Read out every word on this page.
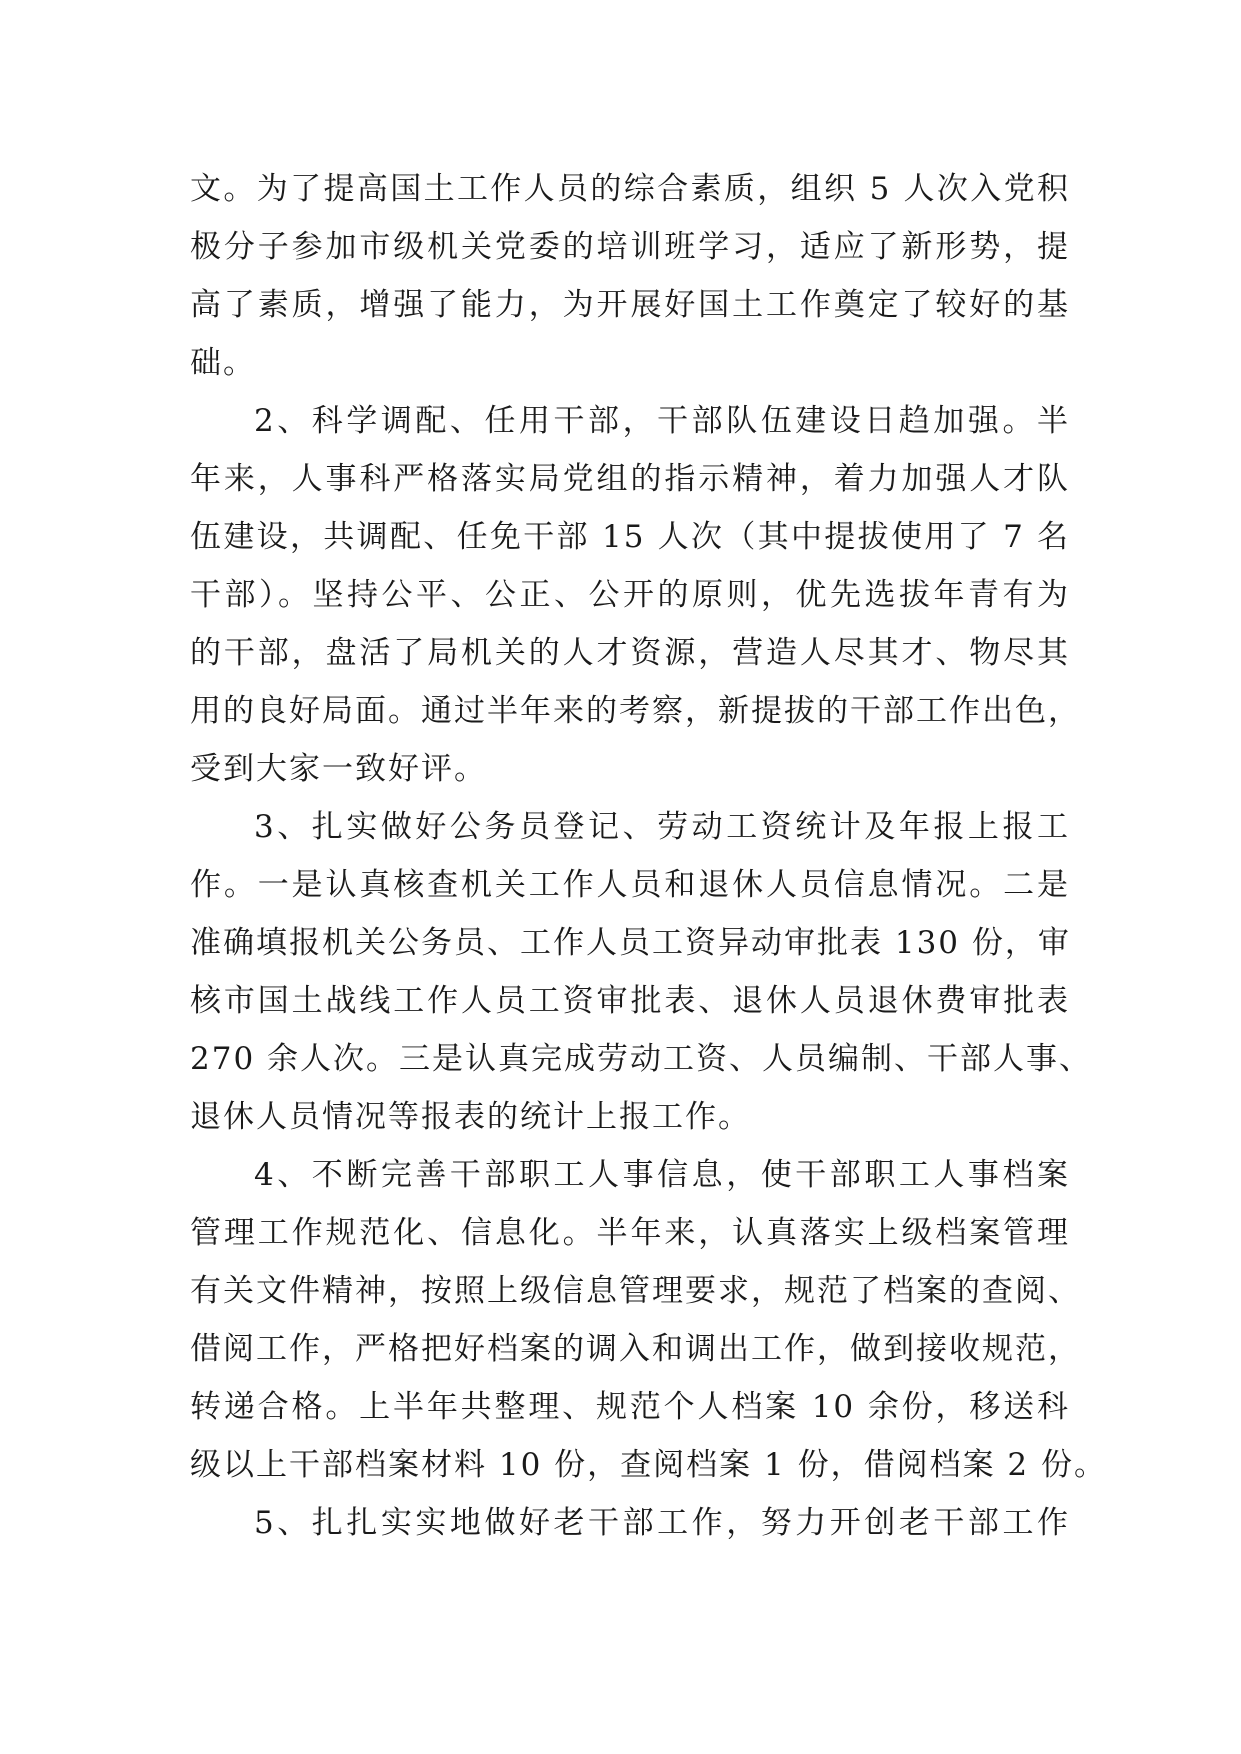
文。为了提高国土工作人员的综合素质，组织 5 人次入党积
极分子参加市级机关党委的培训班学习，适应了新形势，提
高了素质，增强了能力，为开展好国土工作奠定了较好的基
础。
2、科学调配、任用干部，干部队伍建设日趋加强。半
年来，人事科严格落实局党组的指示精神，着力加强人才队
伍建设，共调配、任免干部 15 人次（其中提拔使用了 7 名
干部）。坚持公平、公正、公开的原则，优先选拔年青有为
的干部，盘活了局机关的人才资源，营造人尽其才、物尽其
用的良好局面。通过半年来的考察，新提拔的干部工作出色，
受到大家一致好评。
3、扎实做好公务员登记、劳动工资统计及年报上报工
作。一是认真核查机关工作人员和退休人员信息情况。二是
准确填报机关公务员、工作人员工资异动审批表 130 份，审
核市国土战线工作人员工资审批表、退休人员退休费审批表
270 余人次。三是认真完成劳动工资、人员编制、干部人事、
退休人员情况等报表的统计上报工作。
4、不断完善干部职工人事信息，使干部职工人事档案
管理工作规范化、信息化。半年来，认真落实上级档案管理
有关文件精神，按照上级信息管理要求，规范了档案的查阅、
借阅工作，严格把好档案的调入和调出工作，做到接收规范，
转递合格。上半年共整理、规范个人档案 10 余份，移送科
级以上干部档案材料 10 份，查阅档案 1 份，借阅档案 2 份。
5、扎扎实实地做好老干部工作，努力开创老干部工作
